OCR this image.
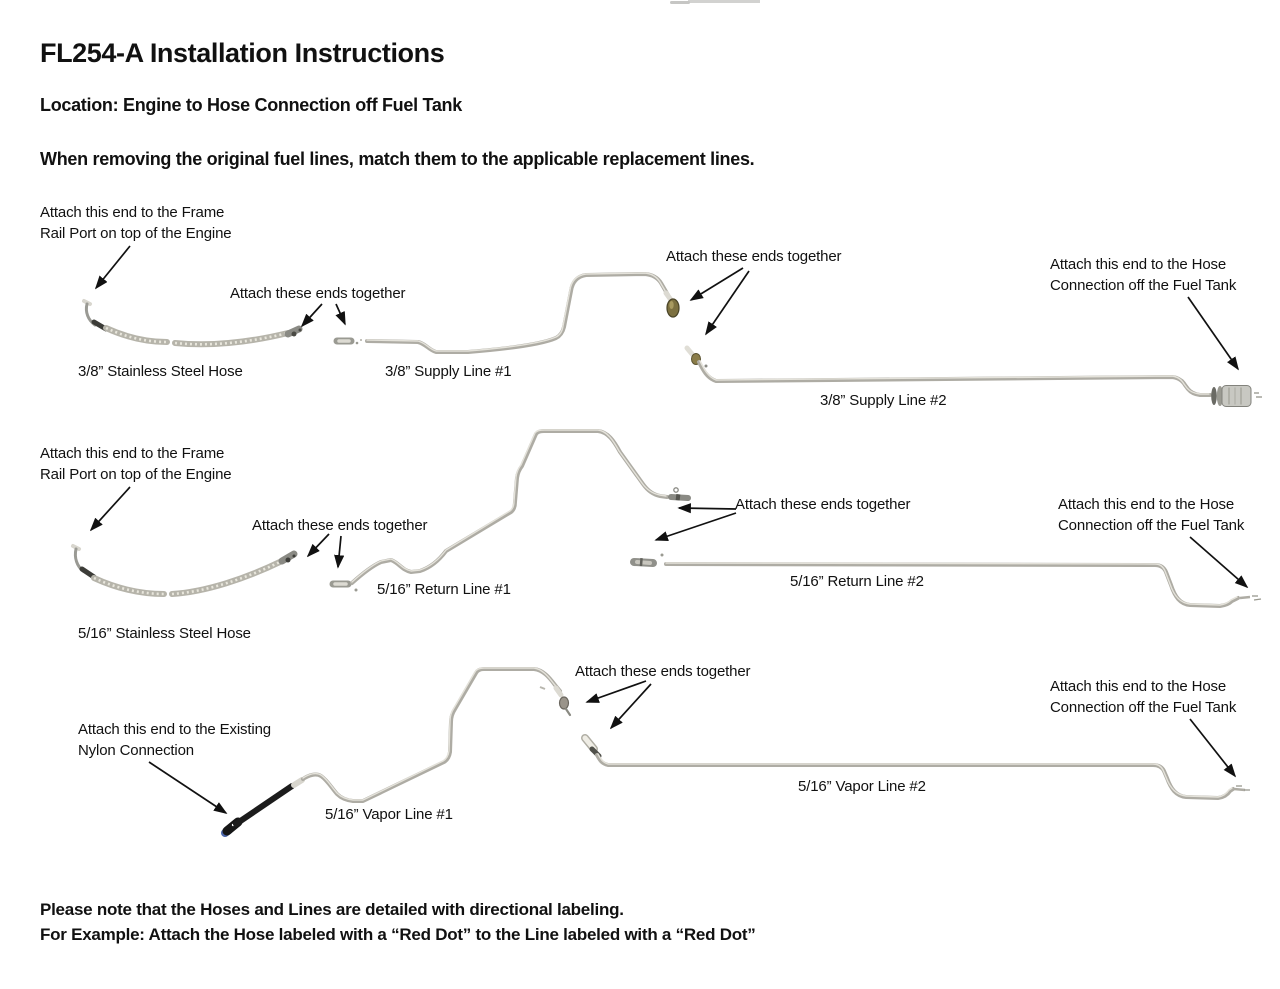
FL254-A Installation Instructions
Location: Engine to Hose Connection off Fuel Tank
When removing the original fuel lines, match them to the applicable replacement lines.
Attach this end to the Frame
Rail Port on top of the Engine
Attach these ends together
Attach these ends together	Attach this end to the Hose
Connection off the Fuel Tank
3/8” Stainless Steel Hose	3/8” Supply Line #1
3/8” Supply Line #2
Attach this end to the Frame
Rail Port on top of the Engine
Attach these ends together
Attach these ends together	Attach this end to the Hose
Connection off the Fuel Tank
5/16” Return Line #1	5/16” Return Line #2
5/16” Stainless Steel Hose
Attach these ends together
Attach this end to the Existing
Nylon Connection
Attach this end to the Hose
Connection off the Fuel Tank
5/16” Vapor Line #1
5/16” Vapor Line #2
Please note that the Hoses and Lines are detailed with directional labeling.
For Example: Attach the Hose labeled with a “Red Dot” to the Line labeled with a “Red Dot”
